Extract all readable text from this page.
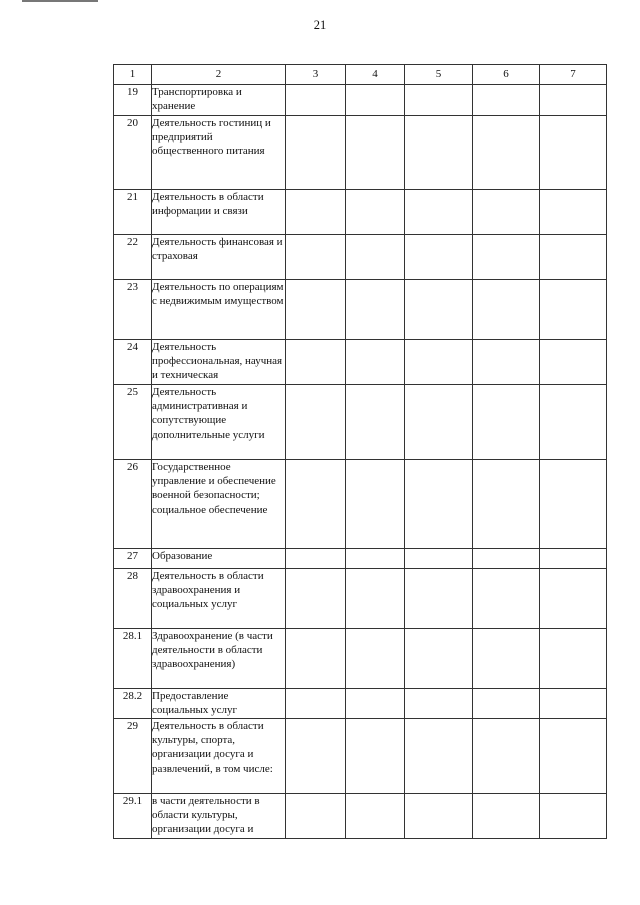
21
1	2	3	4	5	6	7
19	Транспортировка и хранение					
20	Деятельность гостиниц и предприятий общественного питания					
21	Деятельность в области информации и связи					
22	Деятельность финансовая и страховая					
23	Деятельность по операциям с недвижимым имуществом					
24	Деятельность профессиональная, научная и техническая					
25	Деятельность административная и сопутствующие дополнительные услуги					
26	Государственное управление и обеспечение военной безопасности; социальное обеспечение					
27	Образование					
28	Деятельность в области здравоохранения и социальных услуг					
28.1	Здравоохранение (в части деятельности в области здравоохранения)					
28.2	Предоставление социальных услуг					
29	Деятельность в области культуры, спорта, организации досуга и развлечений, в том числе:					
29.1	в части деятельности в области культуры, организации досуга и					
